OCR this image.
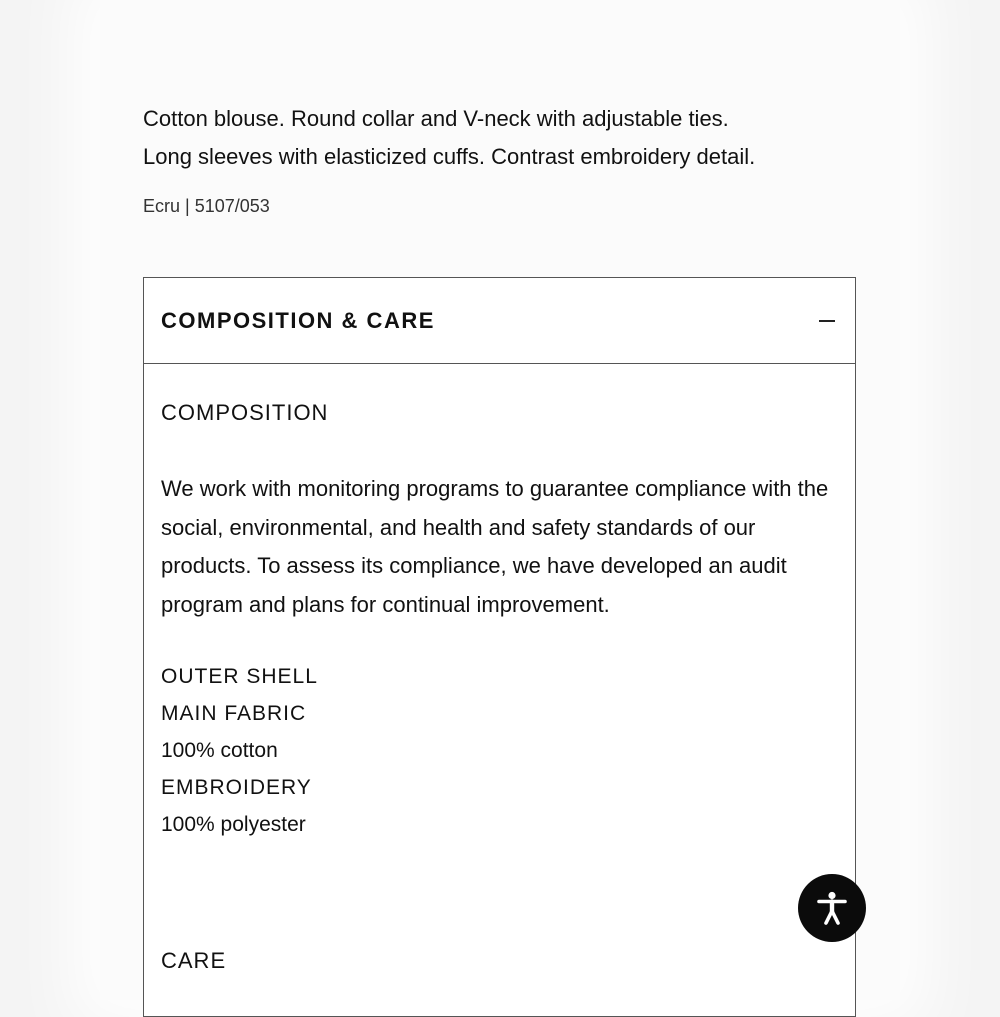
Cotton blouse. Round collar and V-neck with adjustable ties.
Long sleeves with elasticized cuffs. Contrast embroidery detail.
Ecru | 5107/053
COMPOSITION & CARE
COMPOSITION
We work with monitoring programs to guarantee compliance with the social, environmental, and health and safety standards of our products. To assess its compliance, we have developed an audit program and plans for continual improvement.
OUTER SHELL
MAIN FABRIC
100% cotton
EMBROIDERY
100% polyester
CARE
